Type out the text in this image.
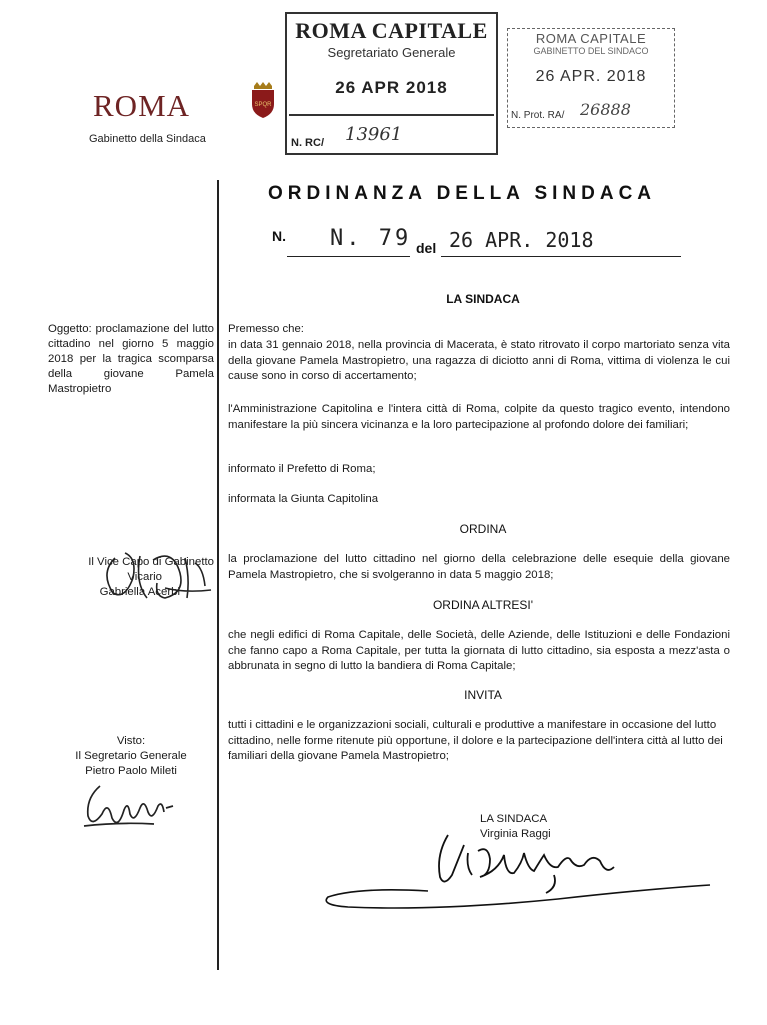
ROMA
Gabinetto della Sindaca
SPQR
ROMA CAPITALE
Segretariato Generale
26 APR 2018
N. RC/ 13961
ROMA CAPITALE
GABINETTO DEL SINDACO
26 APR. 2018
N. Prot. RA/ 26888
ORDINANZA DELLA SINDACA
N. N. 79 del 26 APR. 2018
Oggetto: proclamazione del lutto cittadino nel giorno 5 maggio 2018 per la tragica scomparsa della giovane Pamela Mastropietro
Il Vice Capo di Gabinetto
Vicario
Gabriella Acerbi
Visto:
Il Segretario Generale
Pietro Paolo Mileti
LA SINDACA
Premesso che:
in data 31 gennaio 2018, nella provincia di Macerata, è stato ritrovato il corpo martoriato senza vita della giovane Pamela Mastropietro, una ragazza di diciotto anni di Roma, vittima di violenza le cui cause sono in corso di accertamento;
l'Amministrazione Capitolina e l'intera città di Roma, colpite da questo tragico evento, intendono manifestare la più sincera vicinanza e la loro partecipazione al profondo dolore dei familiari;
informato il Prefetto di Roma;
informata la Giunta Capitolina
ORDINA
la proclamazione del lutto cittadino nel giorno della celebrazione delle esequie della giovane Pamela Mastropietro, che si svolgeranno in data 5 maggio 2018;
ORDINA ALTRESI'
che negli edifici di Roma Capitale, delle Società, delle Aziende, delle Istituzioni e delle Fondazioni che fanno capo a Roma Capitale, per tutta la giornata di lutto cittadino, sia esposta a mezz'asta o abbrunata in segno di lutto la bandiera di Roma Capitale;
INVITA
tutti i cittadini e le organizzazioni sociali, culturali e produttive a manifestare in occasione del lutto cittadino, nelle forme ritenute più opportune, il dolore e la partecipazione dell'intera città al lutto dei familiari della giovane Pamela Mastropietro;
LA SINDACA
Virginia Raggi
